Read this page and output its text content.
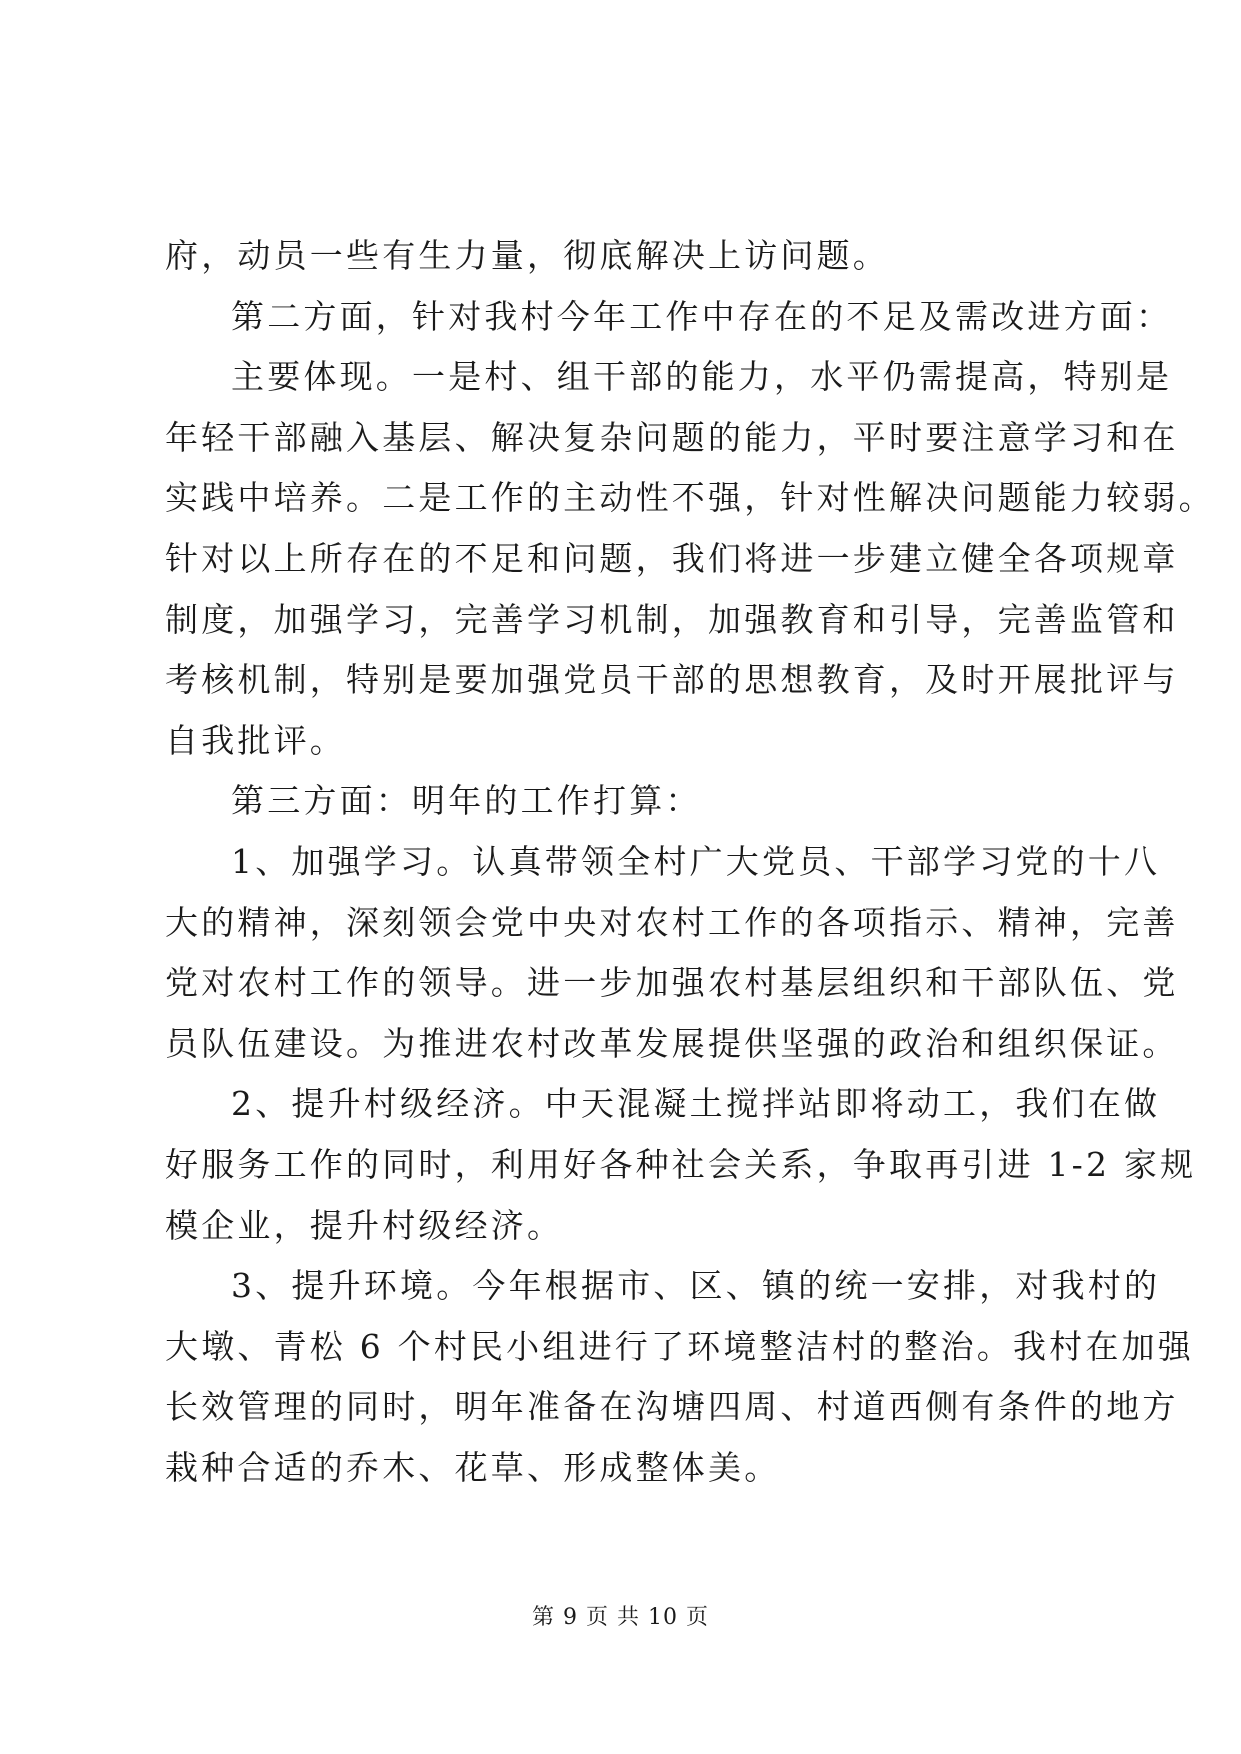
府，动员一些有生力量，彻底解决上访问题。
第二方面，针对我村今年工作中存在的不足及需改进方面：
主要体现。一是村、组干部的能力，水平仍需提高，特别是
年轻干部融入基层、解决复杂问题的能力，平时要注意学习和在
实践中培养。二是工作的主动性不强，针对性解决问题能力较弱。
针对以上所存在的不足和问题，我们将进一步建立健全各项规章
制度，加强学习，完善学习机制，加强教育和引导，完善监管和
考核机制，特别是要加强党员干部的思想教育，及时开展批评与
自我批评。
第三方面：明年的工作打算：
1、加强学习。认真带领全村广大党员、干部学习党的十八
大的精神，深刻领会党中央对农村工作的各项指示、精神，完善
党对农村工作的领导。进一步加强农村基层组织和干部队伍、党
员队伍建设。为推进农村改革发展提供坚强的政治和组织保证。
2、提升村级经济。中天混凝土搅拌站即将动工，我们在做
好服务工作的同时，利用好各种社会关系，争取再引进 1-2 家规
模企业，提升村级经济。
3、提升环境。今年根据市、区、镇的统一安排，对我村的
大墩、青松 6 个村民小组进行了环境整洁村的整治。我村在加强
长效管理的同时，明年准备在沟塘四周、村道西侧有条件的地方
栽种合适的乔木、花草、形成整体美。
第 9 页 共 10 页
